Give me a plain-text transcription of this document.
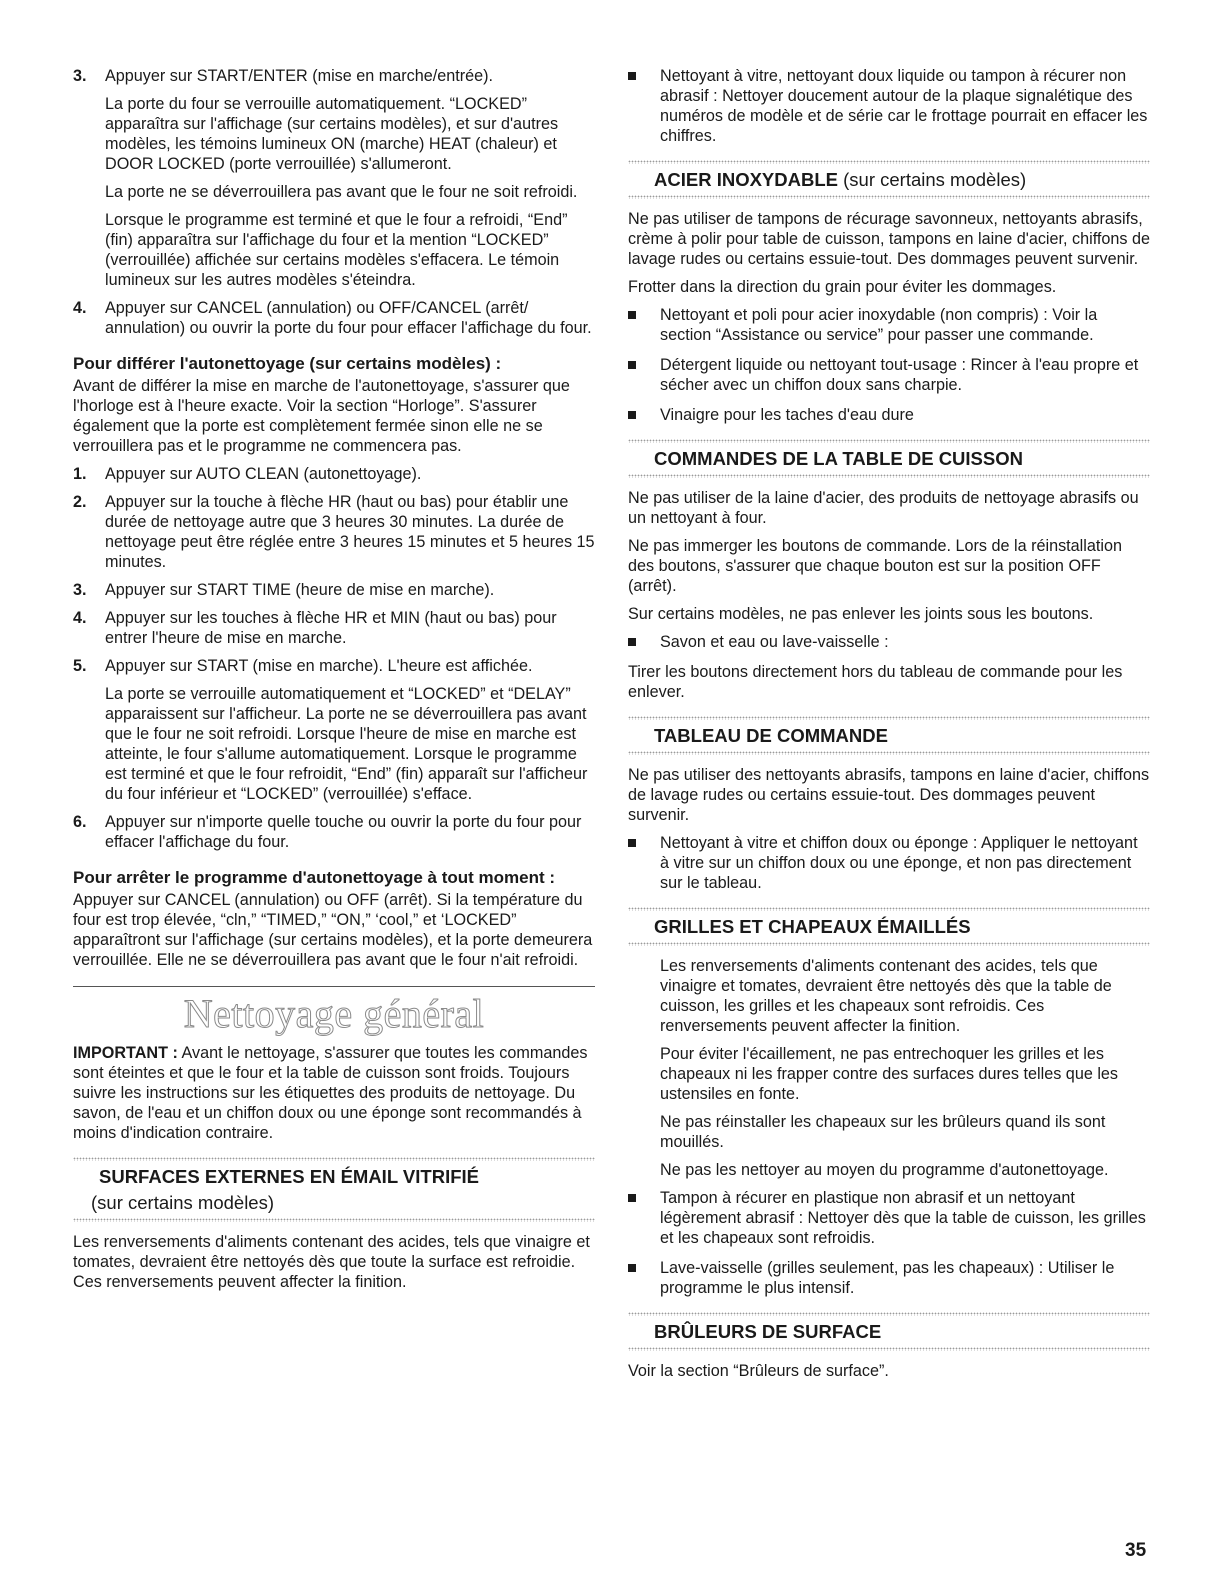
3. Appuyer sur START/ENTER (mise en marche/entrée).

La porte du four se verrouille automatiquement. “LOCKED” apparaîtra sur l'affichage (sur certains modèles), et sur d'autres modèles, les témoins lumineux ON (marche) HEAT (chaleur) et DOOR LOCKED (porte verrouillée) s'allumeront.

La porte ne se déverrouillera pas avant que le four ne soit refroidi.

Lorsque le programme est terminé et que le four a refroidi, “End” (fin) apparaîtra sur l'affichage du four et la mention “LOCKED” (verrouillée) affichée sur certains modèles s'effacera. Le témoin lumineux sur les autres modèles s'éteindra.

4. Appuyer sur CANCEL (annulation) ou OFF/CANCEL (arrêt/ annulation) ou ouvrir la porte du four pour effacer l'affichage du four.

Pour différer l'autonettoyage (sur certains modèles) :

Avant de différer la mise en marche de l'autonettoyage, s'assurer que l'horloge est à l'heure exacte. Voir la section “Horloge”. S'assurer également que la porte est complètement fermée sinon elle ne se verrouillera pas et le programme ne commencera pas.

1. Appuyer sur AUTO CLEAN (autonettoyage).

2. Appuyer sur la touche à flèche HR (haut ou bas) pour établir une durée de nettoyage autre que 3 heures 30 minutes. La durée de nettoyage peut être réglée entre 3 heures 15 minutes et 5 heures 15 minutes.

3. Appuyer sur START TIME (heure de mise en marche).

4. Appuyer sur les touches à flèche HR et MIN (haut ou bas) pour entrer l'heure de mise en marche.

5. Appuyer sur START (mise en marche). L'heure est affichée.

La porte se verrouille automatiquement et “LOCKED” et “DELAY” apparaissent sur l'afficheur. La porte ne se déverrouillera pas avant que le four ne soit refroidi. Lorsque l'heure de mise en marche est atteinte, le four s'allume automatiquement. Lorsque le programme est terminé et que le four refroidit, “End” (fin) apparaît sur l'afficheur du four inférieur et “LOCKED” (verrouillée) s'efface.

6. Appuyer sur n'importe quelle touche ou ouvrir la porte du four pour effacer l'affichage du four.

Pour arrêter le programme d'autonettoyage à tout moment :

Appuyer sur CANCEL (annulation) ou OFF (arrêt). Si la température du four est trop élevée, “cln,” “TIMED,” “ON,” ‘cool,” et ‘LOCKED” apparaîtront sur l'affichage (sur certains modèles), et la porte demeurera verrouillée. Elle ne se déverrouillera pas avant que le four n'ait refroidi.

Nettoyage général

IMPORTANT : Avant le nettoyage, s'assurer que toutes les commandes sont éteintes et que le four et la table de cuisson sont froids. Toujours suivre les instructions sur les étiquettes des produits de nettoyage. Du savon, de l'eau et un chiffon doux ou une éponge sont recommandés à moins d'indication contraire.

SURFACES EXTERNES EN ÉMAIL VITRIFIÉ
(sur certains modèles)

Les renversements d'aliments contenant des acides, tels que vinaigre et tomates, devraient être nettoyés dès que toute la surface est refroidie. Ces renversements peuvent affecter la finition.

Nettoyant à vitre, nettoyant doux liquide ou tampon à récurer non abrasif : Nettoyer doucement autour de la plaque signalétique des numéros de modèle et de série car le frottage pourrait en effacer les chiffres.

ACIER INOXYDABLE (sur certains modèles)

Ne pas utiliser de tampons de récurage savonneux, nettoyants abrasifs, crème à polir pour table de cuisson, tampons en laine d'acier, chiffons de lavage rudes ou certains essuie-tout. Des dommages peuvent survenir.

Frotter dans la direction du grain pour éviter les dommages.

Nettoyant et poli pour acier inoxydable (non compris) : Voir la section “Assistance ou service” pour passer une commande.

Détergent liquide ou nettoyant tout-usage : Rincer à l'eau propre et sécher avec un chiffon doux sans charpie.

Vinaigre pour les taches d'eau dure

COMMANDES DE LA TABLE DE CUISSON

Ne pas utiliser de la laine d'acier, des produits de nettoyage abrasifs ou un nettoyant à four.

Ne pas immerger les boutons de commande. Lors de la réinstallation des boutons, s'assurer que chaque bouton est sur la position OFF (arrêt).

Sur certains modèles, ne pas enlever les joints sous les boutons.

Savon et eau ou lave-vaisselle :

Tirer les boutons directement hors du tableau de commande pour les enlever.

TABLEAU DE COMMANDE

Ne pas utiliser des nettoyants abrasifs, tampons en laine d'acier, chiffons de lavage rudes ou certains essuie-tout. Des dommages peuvent survenir.

Nettoyant à vitre et chiffon doux ou éponge : Appliquer le nettoyant à vitre sur un chiffon doux ou une éponge, et non pas directement sur le tableau.

GRILLES ET CHAPEAUX ÉMAILLÉS

Les renversements d'aliments contenant des acides, tels que vinaigre et tomates, devraient être nettoyés dès que la table de cuisson, les grilles et les chapeaux sont refroidis. Ces renversements peuvent affecter la finition.

Pour éviter l'écaillement, ne pas entrechoquer les grilles et les chapeaux ni les frapper contre des surfaces dures telles que les ustensiles en fonte.

Ne pas réinstaller les chapeaux sur les brûleurs quand ils sont mouillés.

Ne pas les nettoyer au moyen du programme d'autonettoyage.

Tampon à récurer en plastique non abrasif et un nettoyant légèrement abrasif : Nettoyer dès que la table de cuisson, les grilles et les chapeaux sont refroidis.

Lave-vaisselle (grilles seulement, pas les chapeaux) : Utiliser le programme le plus intensif.

BRÛLEURS DE SURFACE

Voir la section “Brûleurs de surface”.

35
